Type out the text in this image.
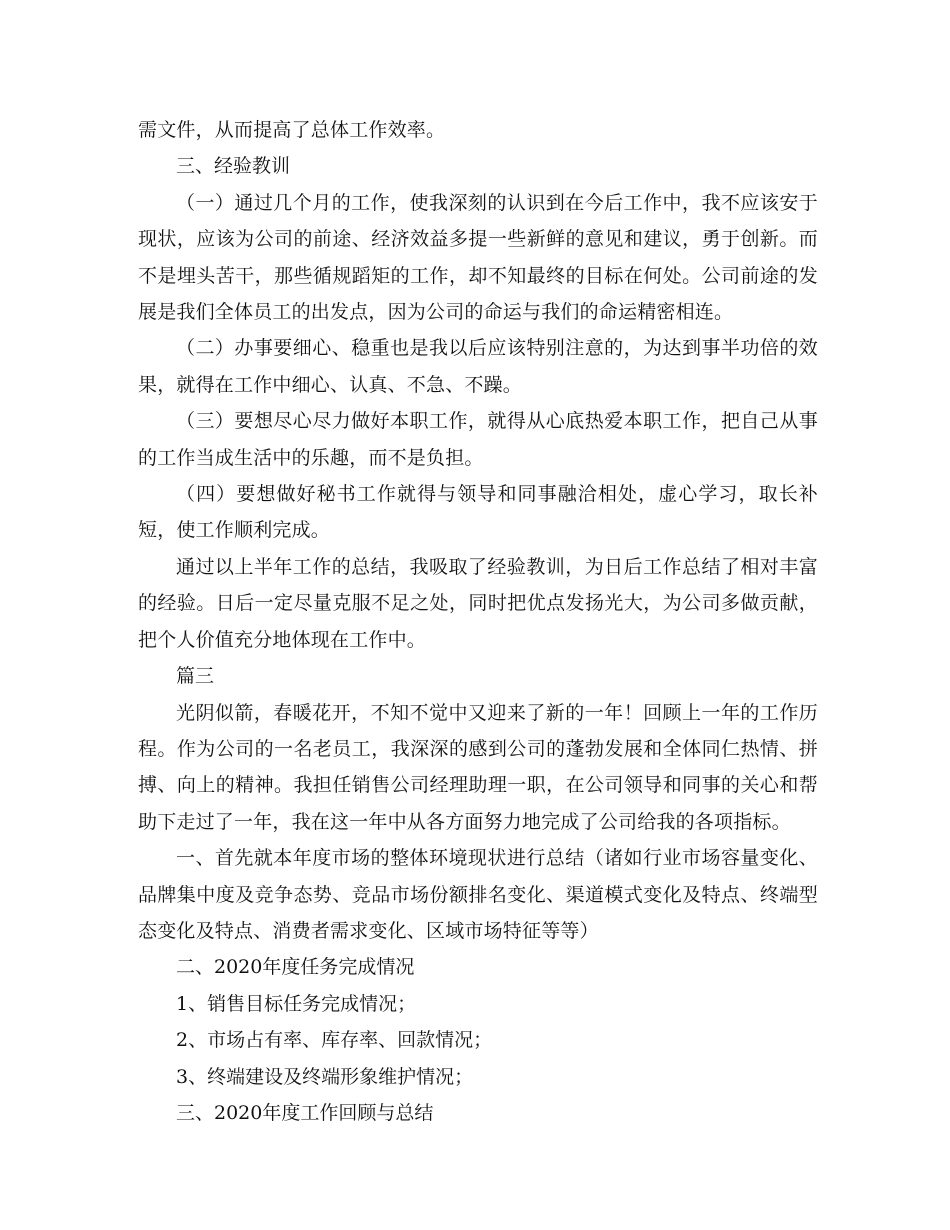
需文件，从而提高了总体工作效率。

三、经验教训

（一）通过几个月的工作，使我深刻的认识到在今后工作中，我不应该安于现状，应该为公司的前途、经济效益多提一些新鲜的意见和建议，勇于创新。而不是埋头苦干，那些循规蹈矩的工作，却不知最终的目标在何处。公司前途的发展是我们全体员工的出发点，因为公司的命运与我们的命运精密相连。

（二）办事要细心、稳重也是我以后应该特别注意的，为达到事半功倍的效果，就得在工作中细心、认真、不急、不躁。

（三）要想尽心尽力做好本职工作，就得从心底热爱本职工作，把自己从事的工作当成生活中的乐趣，而不是负担。

（四）要想做好秘书工作就得与领导和同事融洽相处，虚心学习，取长补短，使工作顺利完成。

通过以上半年工作的总结，我吸取了经验教训，为日后工作总结了相对丰富的经验。日后一定尽量克服不足之处，同时把优点发扬光大，为公司多做贡献，把个人价值充分地体现在工作中。

篇三

光阴似箭，春暖花开，不知不觉中又迎来了新的一年！回顾上一年的工作历程。作为公司的一名老员工，我深深的感到公司的蓬勃发展和全体同仁热情、拼搏、向上的精神。我担任销售公司经理助理一职，在公司领导和同事的关心和帮助下走过了一年，我在这一年中从各方面努力地完成了公司给我的各项指标。

一、首先就本年度市场的整体环境现状进行总结（诸如行业市场容量变化、品牌集中度及竞争态势、竞品市场份额排名变化、渠道模式变化及特点、终端型态变化及特点、消费者需求变化、区域市场特征等等）

二、2020年度任务完成情况

1、销售目标任务完成情况；

2、市场占有率、库存率、回款情况；

3、终端建设及终端形象维护情况；

三、2020年度工作回顾与总结
